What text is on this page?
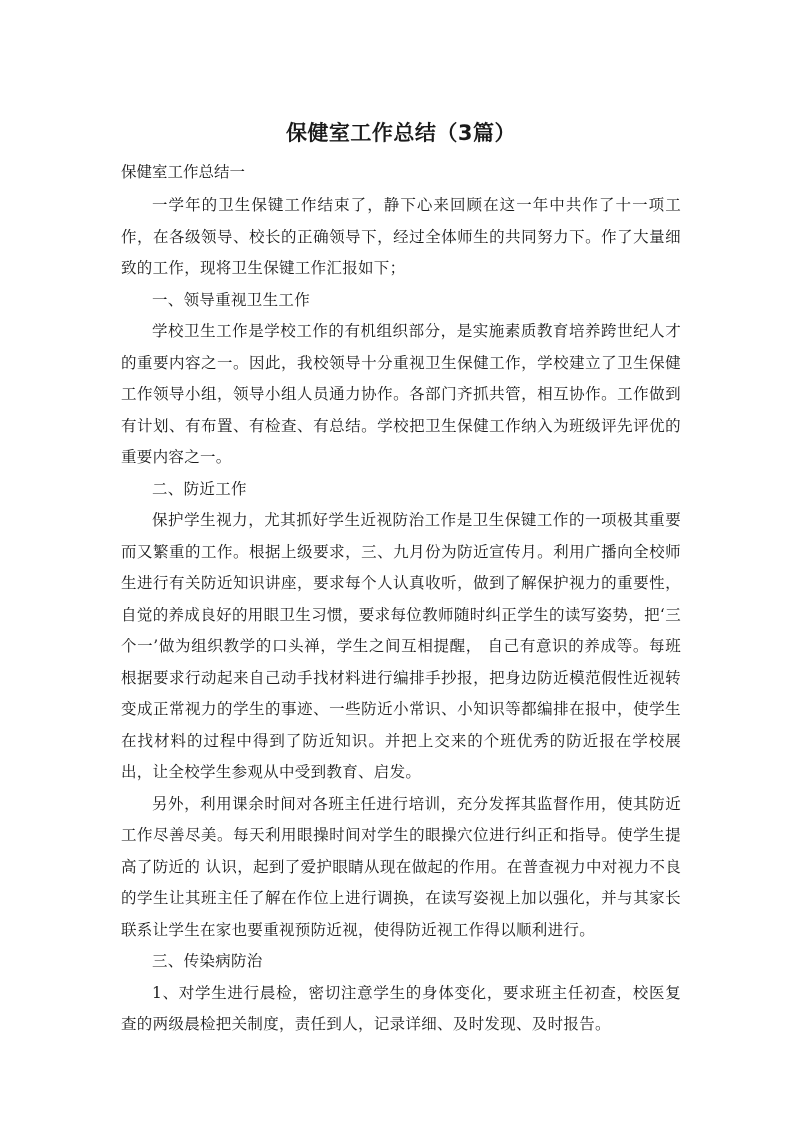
保健室工作总结（3篇）
保健室工作总结一

一学年的卫生保键工作结束了，静下心来回顾在这一年中共作了十一项工作，在各级领导、校长的正确领导下，经过全体师生的共同努力下。作了大量细致的工作，现将卫生保键工作汇报如下；

一、领导重视卫生工作

学校卫生工作是学校工作的有机组织部分，是实施素质教育培养跨世纪人才的重要内容之一。因此，我校领导十分重视卫生保健工作，学校建立了卫生保健工作领导小组，领导小组人员通力协作。各部门齐抓共管，相互协作。工作做到有计划、有布置、有检查、有总结。学校把卫生保健工作纳入为班级评先评优的重要内容之一。

二、防近工作

保护学生视力，尤其抓好学生近视防治工作是卫生保键工作的一项极其重要而又繁重的工作。根据上级要求，三、九月份为防近宣传月。利用广播向全校师生进行有关防近知识讲座，要求每个人认真收听，做到了解保护视力的重要性，自觉的养成良好的用眼卫生习惯，要求每位教师随时纠正学生的读写姿势，把‘三个一’做为组织教学的口头禅，学生之间互相提醒， 自己有意识的养成等。每班根据要求行动起来自己动手找材料进行编排手抄报，把身边防近模范假性近视转变成正常视力的学生的事迹、一些防近小常识、小知识等都编排在报中，使学生在找材料的过程中得到了防近知识。并把上交来的个班优秀的防近报在学校展出，让全校学生参观从中受到教育、启发。

另外，利用课余时间对各班主任进行培训，充分发挥其监督作用，使其防近工作尽善尽美。每天利用眼操时间对学生的眼操穴位进行纠正和指导。使学生提高了防近的 认识，起到了爱护眼睛从现在做起的作用。在普查视力中对视力不良的学生让其班主任了解在作位上进行调换，在读写姿视上加以强化，并与其家长联系让学生在家也要重视预防近视，使得防近视工作得以顺利进行。

三、传染病防治

1、对学生进行晨检，密切注意学生的身体变化，要求班主任初查，校医复查的两级晨检把关制度，责任到人，记录详细、及时发现、及时报告。
